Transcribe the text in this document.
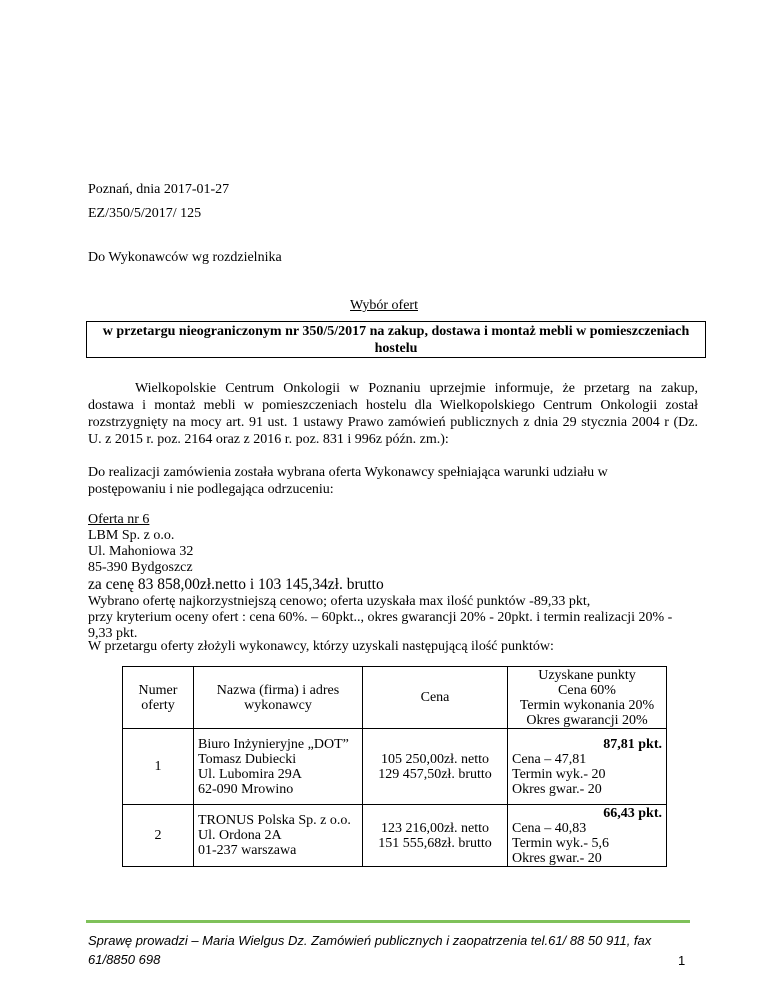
Poznań, dnia 2017-01-27
EZ/350/5/2017/ 125
Do Wykonawców wg rozdzielnika
Wybór ofert
w przetargu nieograniczonym nr 350/5/2017 na zakup, dostawa i montaż mebli w pomieszczeniach
hostelu

Wielkopolskie Centrum Onkologii w Poznaniu uprzejmie informuje, że przetarg na zakup,

dostawa i montaż mebli w pomieszczeniach hostelu dla Wielkopolskiego Centrum Onkologii został

rozstrzygnięty na mocy art. 91 ust. 1 ustawy Prawo zamówień publicznych z dnia 29 stycznia 2004 r (Dz.

U. z 2015 r. poz. 2164 oraz z 2016 r. poz. 831 i 996z późn. zm.):

Do realizacji zamówienia została wybrana oferta Wykonawcy spełniająca warunki udziału w

postępowaniu i nie podlegająca odrzuceniu:

Oferta nr 6

LBM Sp. z o.o.

Ul. Mahoniowa 32

85-390 Bydgoszcz

za cenę 83 858,00zł.netto i 103 145,34zł. brutto

Wybrano ofertę najkorzystniejszą cenowo; oferta uzyskała max ilość punktów -89,33 pkt,

przy kryterium oceny ofert : cena 60%. – 60pkt.., okres gwarancji 20% - 20pkt. i termin realizacji 20% -

9,33 pkt.

W przetargu oferty złożyli wykonawcy, którzy uzyskali następującą ilość punktów:
Numer
oferty	Nazwa (firma) i adres
wykonawcy	Cena	Uzyskane punkty
Cena 60%
Termin wykonania 20%
Okres gwarancji 20%

1	Biuro Inżynieryjne „DOT”
Tomasz Dubiecki
Ul. Lubomira 29A
62-090 Mrowino	105 250,00zł. netto
129 457,50zł. brutto	87,81 pkt.
Cena – 47,81
Termin wyk.- 20
Okres gwar.- 20

2	TRONUS Polska Sp. z o.o.
Ul. Ordona 2A
01-237 warszawa	123 216,00zł. netto
151 555,68zł. brutto	66,43 pkt.
Cena – 40,83
Termin wyk.- 5,6
Okres gwar.- 20
Sprawę prowadzi – Maria Wielgus Dz. Zamówień publicznych i zaopatrzenia tel.61/ 88 50 911, fax
61/8850 698	1
